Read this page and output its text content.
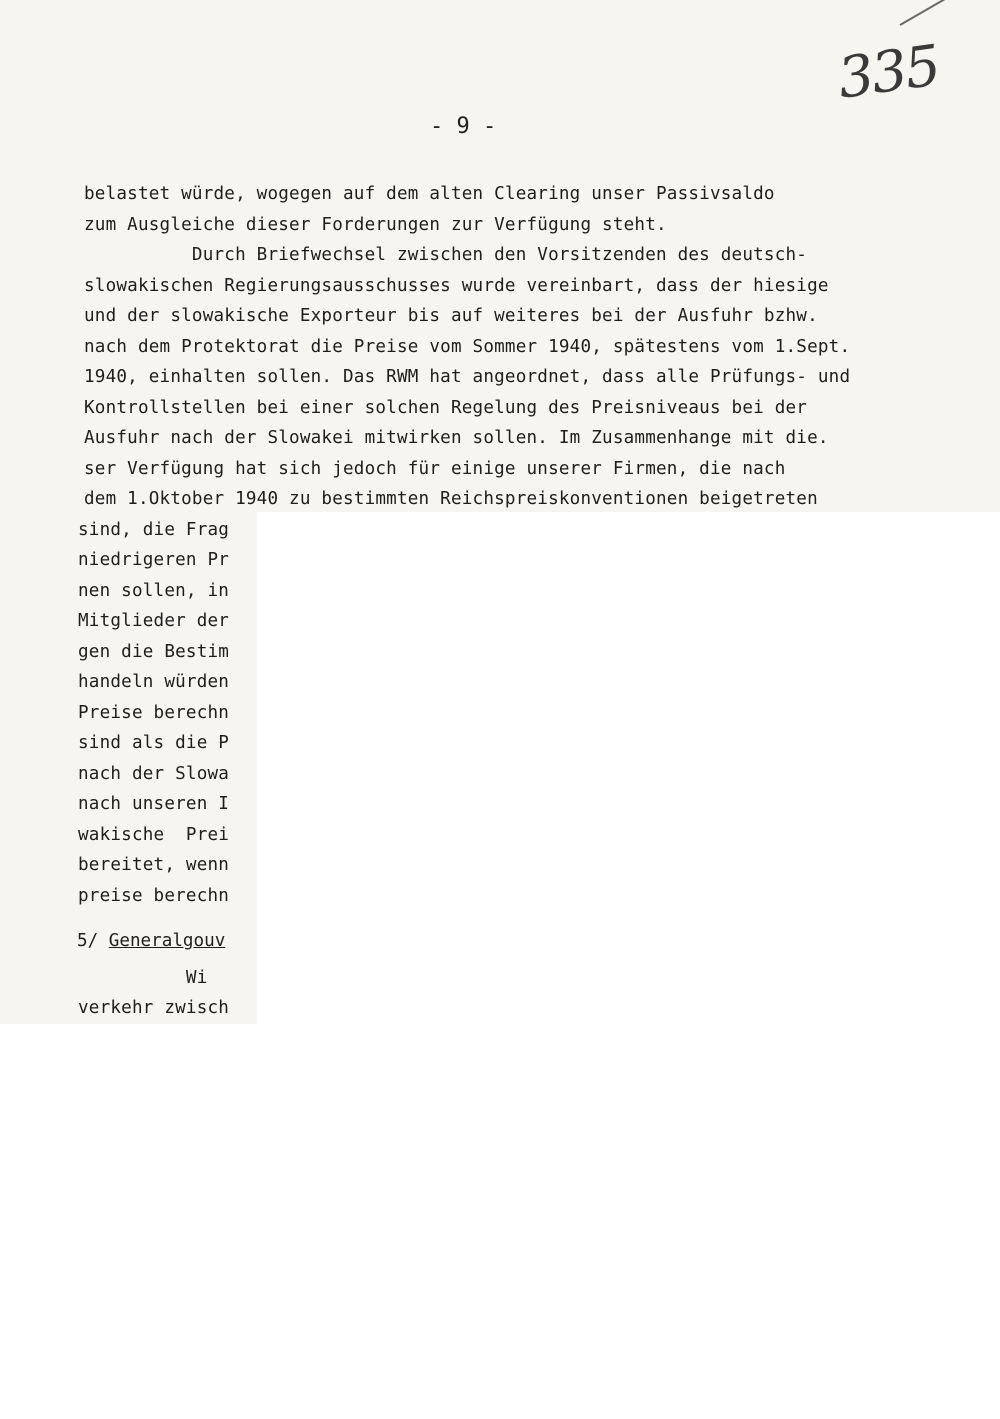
335
- 9 -
belastet würde, wogegen auf dem alten Clearing unser Passivsaldo
zum Ausgleiche dieser Forderungen zur Verfügung steht.
Durch Briefwechsel zwischen den Vorsitzenden des deutsch-
slowakischen Regierungsausschusses wurde vereinbart, dass der hiesige
und der slowakische Exporteur bis auf weiteres bei der Ausfuhr bzhw.
nach dem Protektorat die Preise vom Sommer 1940, spätestens vom 1.Sept.
1940, einhalten sollen. Das RWM hat angeordnet, dass alle Prüfungs- und
Kontrollstellen bei einer solchen Regelung des Preisniveaus bei der
Ausfuhr nach der Slowakei mitwirken sollen. Im Zusammenhange mit die.
ser Verfügung hat sich jedoch für einige unserer Firmen, die nach
dem 1.Oktober 1940 zu bestimmten Reichspreiskonventionen beigetreten
sind, die Frag
niedrigeren Pr
nen sollen, in
Mitglieder der
gen die Bestim
handeln würden
Preise berechn
sind als die P
nach der Slowa
nach unseren I
wakische  Prei
bereitet, wenn
preise berechn
5/ Generalgouv
Wi
verkehr zwisch
